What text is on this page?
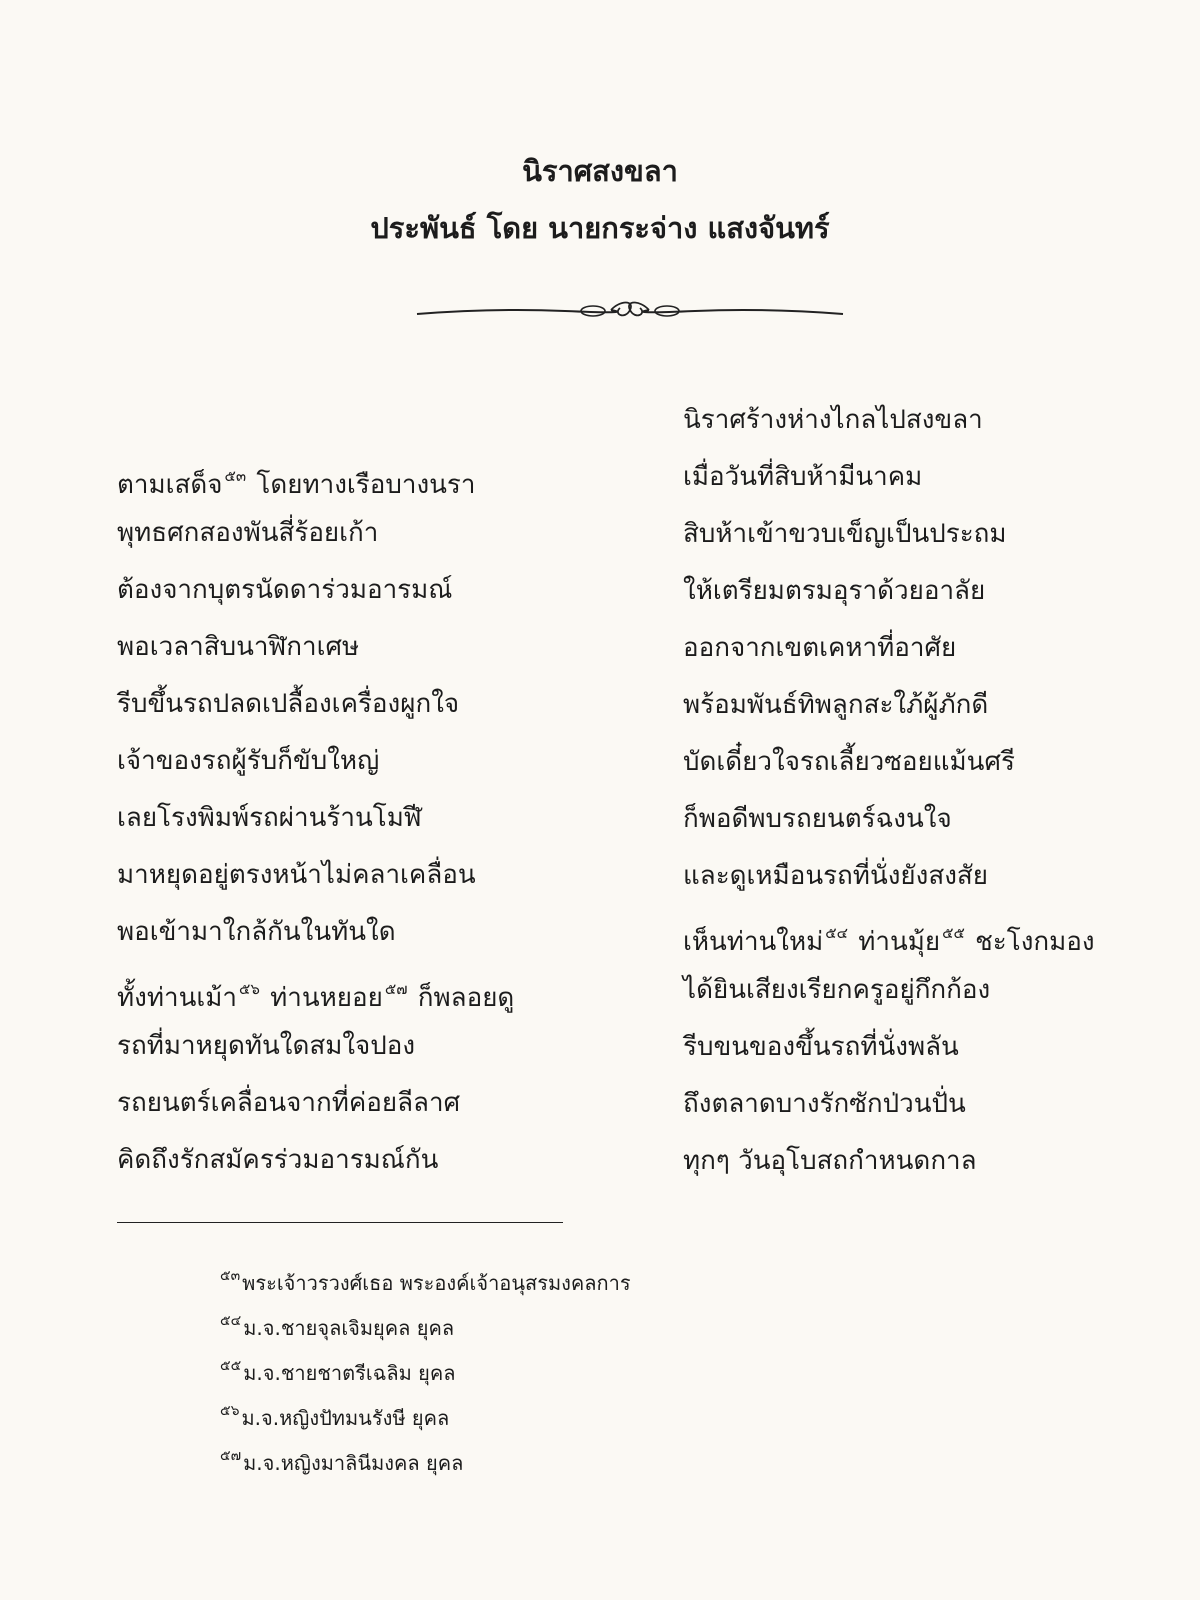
นิราศสงขลา
ประพันธ์ โดย นายกระจ่าง แสงจันทร์
ตามเสด็จ $^{๕๓}$ โดยทางเรือบางนรา
พุทธศกสองพันสี่ร้อยเก้า
ต้องจากบุตรนัดดาร่วมอารมณ์
พอเวลาสิบนาฬิกาเศษ
รีบขึ้นรถปลดเปลื้องเครื่องผูกใจ
เจ้าของรถผู้รับก็ขับใหญ่
เลยโรงพิมพ์รถผ่านร้านโมฬี
มาหยุดอยู่ตรงหน้าไม่คลาเคลื่อน
พอเข้ามาใกล้กันในทันใด
ทั้งท่านเม้า $^{๕๖}$ ท่านหยอย $^{๕๗}$ ก็พลอยดู
รถที่มาหยุดทันใดสมใจปอง
รถยนตร์เคลื่อนจากที่ค่อยลีลาศ
คิดถึงรักสมัครร่วมอารมณ์กัน
นิราศร้างห่างไกลไปสงขลา
เมื่อวันที่สิบห้ามีนาคม
สิบห้าเข้าขวบเข็ญเป็นประถม
ให้เตรียมตรมอุราด้วยอาลัย
ออกจากเขตเคหาที่อาศัย
พร้อมพันธ์ทิพลูกสะใภ้ผู้ภักดี
บัดเดี๋ยวใจรถเลี้ยวซอยแม้นศรี
ก็พอดีพบรถยนตร์ฉงนใจ
และดูเหมือนรถที่นั่งยังสงสัย
เห็นท่านใหม่ $^{๕๔}$ ท่านมุ้ย $^{๕๕}$ ชะโงกมอง
ได้ยินเสียงเรียกครูอยู่กึกก้อง
รีบขนของขึ้นรถที่นั่งพลัน
ถึงตลาดบางรักซักป่วนปั่น
ทุกๆ วันอุโบสถกำหนดกาล
$^{๕๓}$ พระเจ้าวรวงศ์เธอ พระองค์เจ้าอนุสรมงคลการ
$^{๕๔}$ ม.จ.ชายจุลเจิมยุคล ยุคล
$^{๕๕}$ ม.จ.ชายชาตรีเฉลิม ยุคล
$^{๕๖}$ ม.จ.หญิงปัทมนรังษี ยุคล
$^{๕๗}$ ม.จ.หญิงมาลินีมงคล ยุคล
